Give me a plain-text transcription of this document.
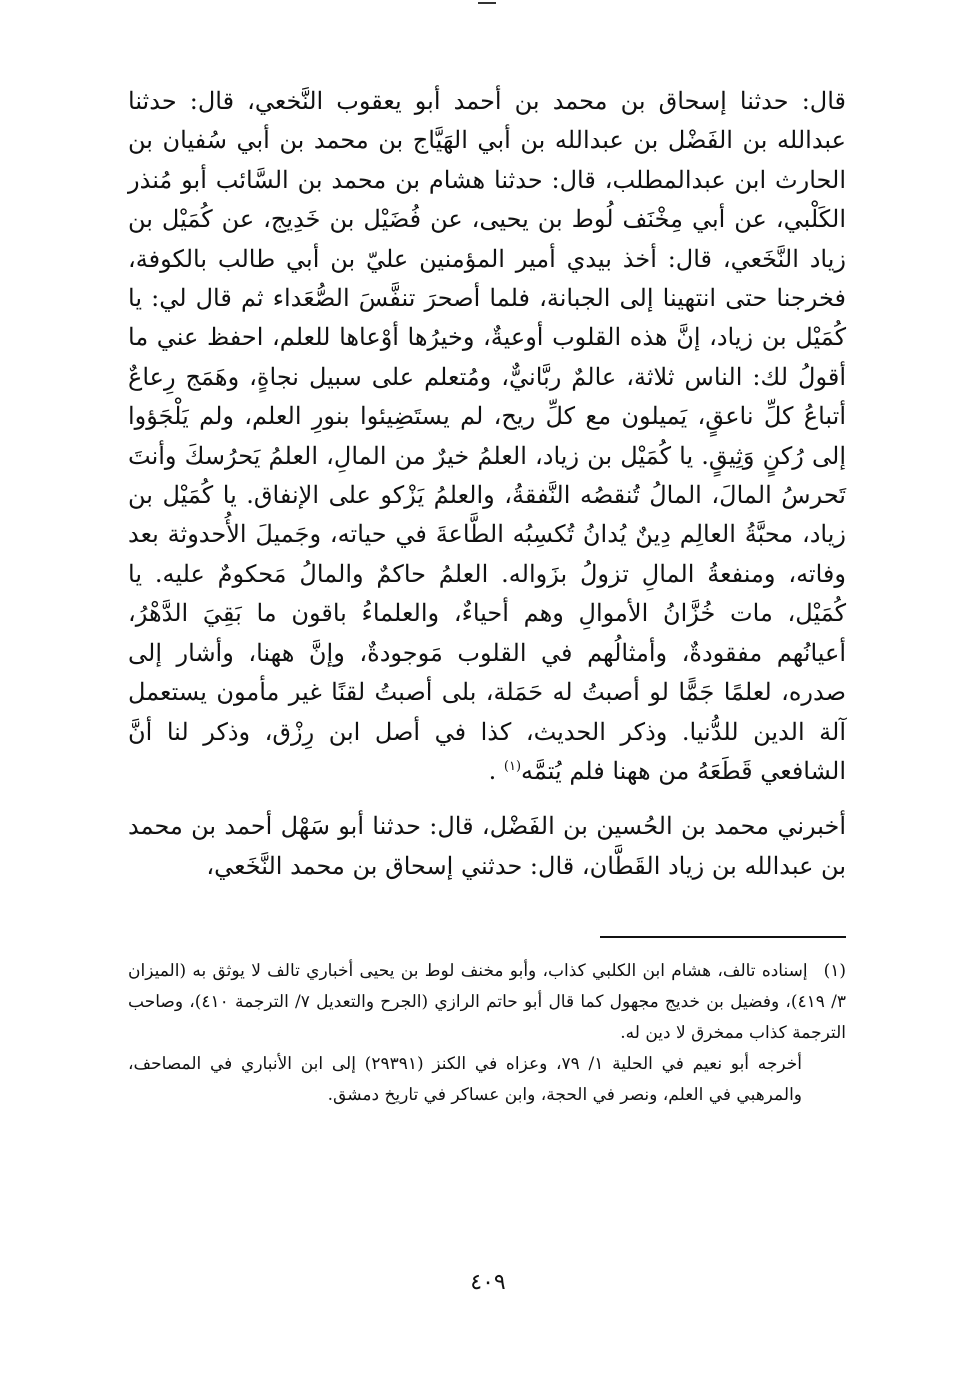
قال: حدثنا إسحاق بن محمد بن أحمد أبو يعقوب النَّخعي، قال: حدثنا عبدالله بن الفَضْل بن عبدالله بن أبي الهَيَّاج بن محمد بن أبي سُفيان بن الحارث ابن عبدالمطلب، قال: حدثنا هشام بن محمد بن السَّائب أبو مُنذر الكَلْبي، عن أبي مِخْنَف لُوط بن يحيى، عن فُضَيْل بن خَدِيج، عن كُمَيْل بن زياد النَّخَعي، قال: أخذ بيدي أمير المؤمنين عليّ بن أبي طالب بالكوفة، فخرجنا حتى انتهينا إلى الجبانة، فلما أصحرَ تنفَّسَ الصُّعَداء ثم قال لي: يا كُمَيْل بن زياد، إنَّ هذه القلوب أوعيةٌ، وخيرُها أوْعاها للعلم، احفظ عني ما أقولُ لك: الناس ثلاثة، عالمٌ ربَّانيٌّ، ومُتعلم على سبيل نجاةٍ، وهَمَج رِعاعٌ أتباعُ كلِّ ناعقٍ، يَميلون مع كلِّ ريح، لم يستَضِيئوا بنورِ العلم، ولم يَلْجَؤوا إلى رُكنٍ وَثِيقٍ. يا كُمَيْل بن زياد، العلمُ خيرٌ من المالِ، العلمُ يَحرُسكَ وأنتَ تَحرسُ المالَ، المالُ تُنقصُه النَّفقةُ، والعلمُ يَزْكو على الإنفاق. يا كُمَيْل بن زياد، محبَّةُ العالِم دِينٌ يُدانُ تُكسِبُه الطَّاعةَ في حياته، وجَميلَ الأُحدوثة بعد وفاته، ومنفعةُ المالِ تزولُ بزَواله. العلمُ حاكمٌ والمالُ مَحكومٌ عليه. يا كُمَيْل، مات خُزَّانُ الأموالِ وهم أحياءٌ، والعلماءُ باقون ما بَقِيَ الدَّهْرُ، أعيانُهم مفقودةٌ، وأمثالُهم في القلوب مَوجودةٌ، وإنَّ ههنا، وأشار إلى صدره، لعلمًا جَمًّا لو أصبتُ له حَمَلة، بلى أصبتُ لقنًا غير مأمون يستعمل آلة الدين للدُّنيا. وذكر الحديث، كذا في أصل ابن رِزْق، وذكر لنا أنَّ الشافعي قَطَعَهُ من ههنا فلم يُتمَّه$^{(١)}$ .

أخبرني محمد بن الحُسين بن الفَضْل، قال: حدثنا أبو سَهْل أحمد بن محمد بن عبدالله بن زياد القَطَّان، قال: حدثني إسحاق بن محمد النَّخَعي،

(١)إسناده تالف، هشام ابن الكلبي كذاب، وأبو مخنف لوط بن يحيى أخباري تالف لا يوثق به (الميزان ٣/ ٤١٩)، وفضيل بن خديج مجهول كما قال أبو حاتم الرازي (الجرح والتعديل ٧/ الترجمة ٤١٠)، وصاحب الترجمة كذاب ممخرق لا دين له.

أخرجه أبو نعيم في الحلية ١/ ٧٩، وعزاه في الكنز (٢٩٣٩١) إلى ابن الأنباري في المصاحف، والمرهبي في العلم، ونصر في الحجة، وابن عساكر في تاريخ دمشق.

٤٠٩
